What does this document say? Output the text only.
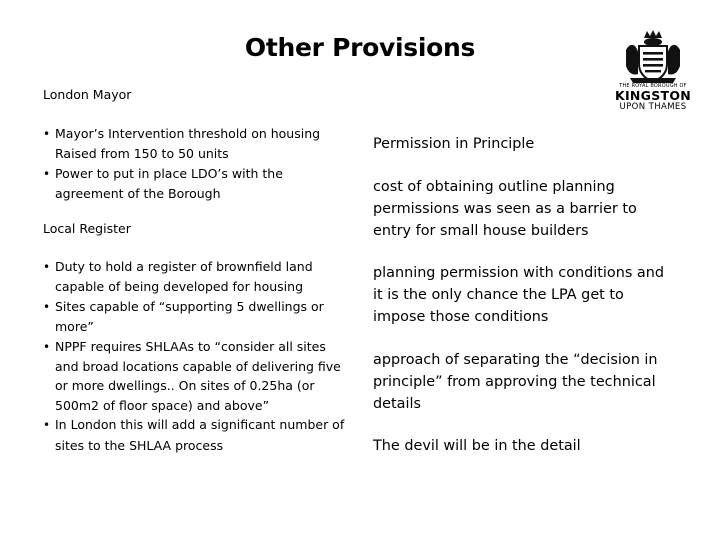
Other Provisions
THE ROYAL BOROUGH OF
KINGSTON
UPON THAMES
London Mayor
• Mayor’s Intervention threshold on housing Raised from 150 to 50 units
• Power to put in place LDO’s with the agreement of the Borough
Local Register
• Duty to hold a register of brownfield land capable of being developed for housing
• Sites capable of “supporting 5 dwellings or more”
• NPPF requires SHLAAs to “consider all sites and broad locations capable of delivering five or more dwellings.. On sites of 0.25ha (or 500m2 of floor space) and above”
• In London this will add a significant number of sites to the SHLAA process
Permission in Principle
cost of obtaining outline planning permissions was seen as a barrier to entry for small house builders
planning permission with conditions and it is the only chance the LPA get to impose those conditions
approach of separating the “decision in principle” from approving the technical details
The devil will be in the detail
